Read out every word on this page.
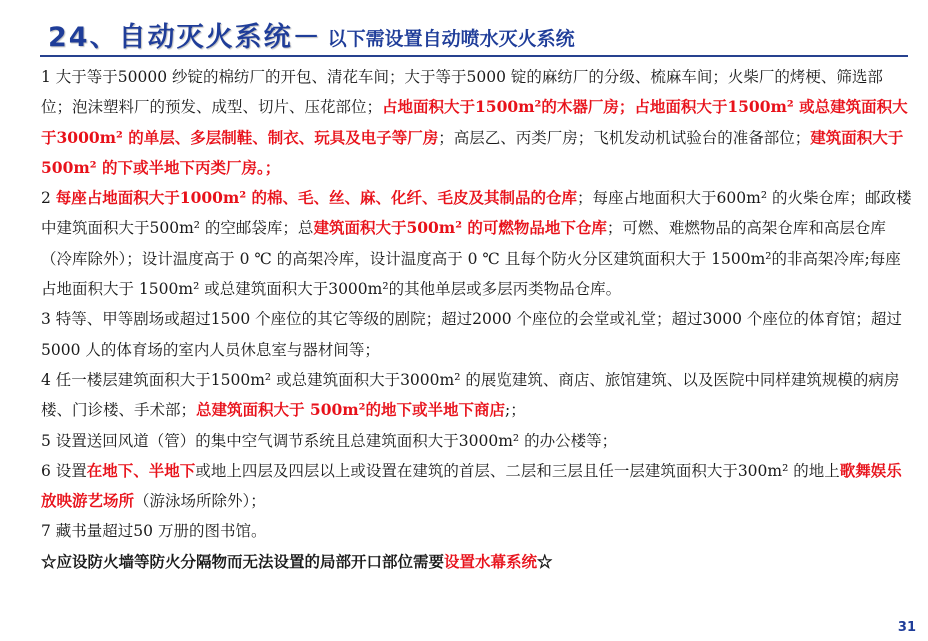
24、自动灭火系统－ 以下需设置自动喷水灭火系统

1 大于等于50000 纱锭的棉纺厂的开包、清花车间；大于等于5000 锭的麻纺厂的分级、梳麻车间；火柴厂的烤梗、筛选部位；泡沫塑料厂的预发、成型、切片、压花部位；占地面积大于1500m²的木器厂房；占地面积大于1500m² 或总建筑面积大于3000m² 的单层、多层制鞋、制衣、玩具及电子等厂房；高层乙、丙类厂房；飞机发动机试验台的准备部位；建筑面积大于500m² 的下或半地下丙类厂房。；

2 每座占地面积大于1000m² 的棉、毛、丝、麻、化纤、毛皮及其制品的仓库；每座占地面积大于600m² 的火柴仓库；邮政楼中建筑面积大于500m² 的空邮袋库；总建筑面积大于500m² 的可燃物品地下仓库；可燃、难燃物品的高架仓库和高层仓库（冷库除外）；设计温度高于 0 ℃ 的高架冷库，设计温度高于 0 ℃ 且每个防火分区建筑面积大于 1500m²的非高架冷库;每座占地面积大于 1500m² 或总建筑面积大于3000m²的其他单层或多层丙类物品仓库。

3 特等、甲等剧场或超过1500 个座位的其它等级的剧院；超过2000 个座位的会堂或礼堂；超过3000 个座位的体育馆；超过5000 人的体育场的室内人员休息室与器材间等；

4 任一楼层建筑面积大于1500m² 或总建筑面积大于3000m² 的展览建筑、商店、旅馆建筑、以及医院中同样建筑规模的病房楼、门诊楼、手术部；总建筑面积大于 500m²的地下或半地下商店;；

5 设置送回风道（管）的集中空气调节系统且总建筑面积大于3000m² 的办公楼等；

6 设置在地下、半地下或地上四层及四层以上或设置在建筑的首层、二层和三层且任一层建筑面积大于300m² 的地上歌舞娱乐放映游艺场所（游泳场所除外）；

7 藏书量超过50 万册的图书馆。

☆应设防火墙等防火分隔物而无法设置的局部开口部位需要设置水幕系统☆

31
